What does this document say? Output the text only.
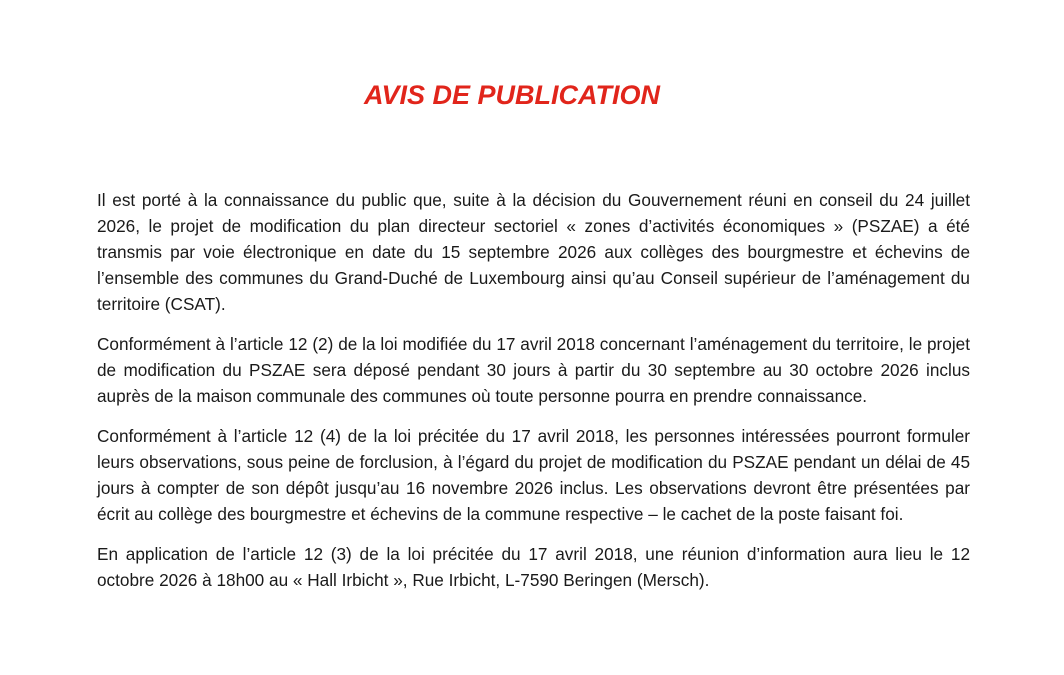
AVIS DE PUBLICATION

Il est porté à la connaissance du public que, suite à la décision du Gouvernement réuni en conseil du 24 juillet 2026, le projet de modification du plan directeur sectoriel « zones d’activités économiques » (PSZAE) a été transmis par voie électronique en date du 15 septembre 2026 aux collèges des bourgmestre et échevins de l’ensemble des communes du Grand-Duché de Luxembourg ainsi qu’au Conseil supérieur de l’aménagement du territoire (CSAT).

Conformément à l’article 12 (2) de la loi modifiée du 17 avril 2018 concernant l’aménagement du territoire, le projet de modification du PSZAE sera déposé pendant 30 jours à partir du 30 septembre au 30 octobre 2026 inclus auprès de la maison communale des communes où toute personne pourra en prendre connaissance.

Conformément à l’article 12 (4) de la loi précitée du 17 avril 2018, les personnes intéressées pourront formuler leurs observations, sous peine de forclusion, à l’égard du projet de modification du PSZAE pendant un délai de 45 jours à compter de son dépôt jusqu’au 16 novembre 2026 inclus. Les observations devront être présentées par écrit au collège des bourgmestre et échevins de la commune respective – le cachet de la poste faisant foi.

En application de l’article 12 (3) de la loi précitée du 17 avril 2018, une réunion d’information aura lieu le 12 octobre 2026 à 18h00 au « Hall Irbicht », Rue Irbicht, L-7590 Beringen (Mersch).
